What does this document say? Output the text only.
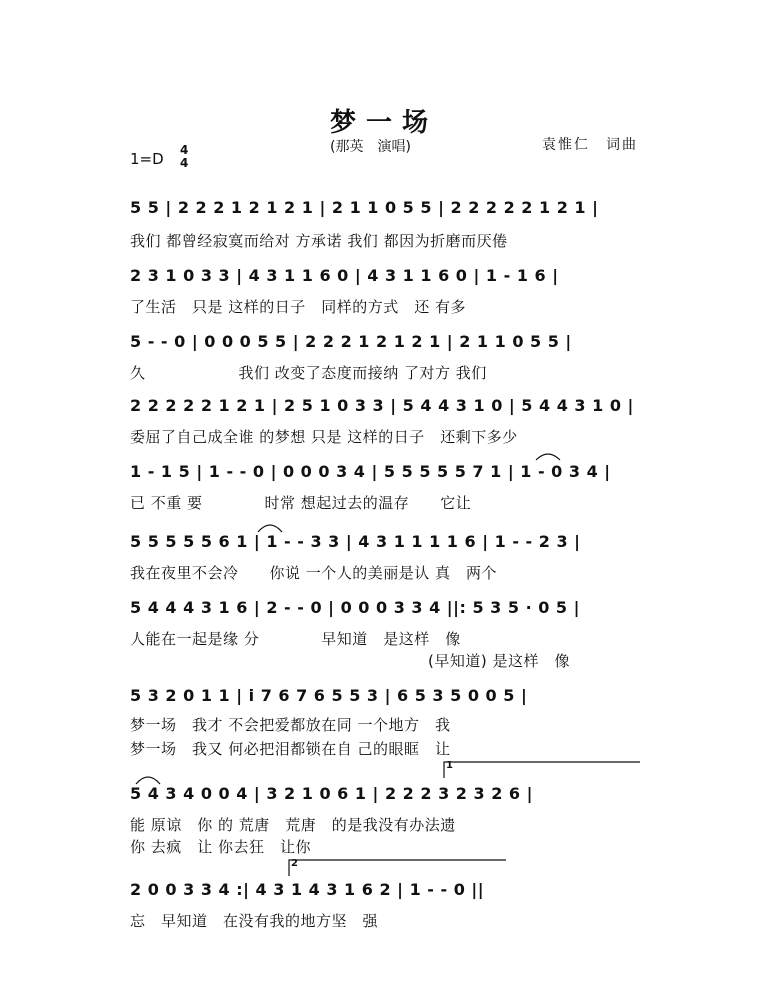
梦一场
(那英　演唱)	袁惟仁　词曲
1=D 4
4
5 5 | 2 2 2 1 2 1 2 1 | 2 1 1 0 5 5 | 2 2 2 2 2 1 2 1 |
我们 都曾经寂寞而给对 方承诺 我们 都因为折磨而厌倦
2 3 1 0 3 3 | 4 3 1 1 6 0 | 4 3 1 1 6 0 | 1 - 1 6 |
了生活　只是 这样的日子　同样的方式　还 有多
5 - - 0 | 0 0 0 5 5 | 2 2 2 1 2 1 2 1 | 2 1 1 0 5 5 |
久　　　　　　我们 改变了态度而接纳 了对方 我们
2 2 2 2 2 1 2 1 | 2 5 1 0 3 3 | 5 4 4 3 1 0 | 5 4 4 3 1 0 |
委屈了自己成全谁 的梦想 只是 这样的日子　还剩下多少
1 - 1 5 | 1 - - 0 | 0 0 0 3 4 | 5 5 5 5 5 7 1 | 1 - 0 3 4 |
已 不重 要　　　　时常 想起过去的温存　　它让
5 5 5 5 5 6 1 | 1 - - 3 3 | 4 3 1 1 1 1 6 | 1 - - 2 3 |
我在夜里不会冷　　你说 一个人的美丽是认 真　两个
5 4 4 4 3 1 6 | 2 - - 0 | 0 0 0 3 3 4 ||: 5 3 5 · 0 5 |
人能在一起是缘 分　　　　早知道　是这样　像
(早知道) 是这样　像
5 3 2 0 1 1 | i 7 6 7 6 5 5 3 | 6 5 3 5 0 0 5 |
梦一场　我才 不会把爱都放在同 一个地方　我
梦一场　我又 何必把泪都锁在自 己的眼眶　让
1
5 4 3 4 0 0 4 | 3 2 1 0 6 1 | 2 2 2 3 2 3 2 6 |
能 原谅　你 的 荒唐　荒唐　的是我没有办法遗
你 去疯　让 你去狂　让你
2
2 0 0 3 3 4 :| 4 3 1 4 3 1 6 2 | 1 - - 0 ||
忘　早知道　在没有我的地方坚　强
